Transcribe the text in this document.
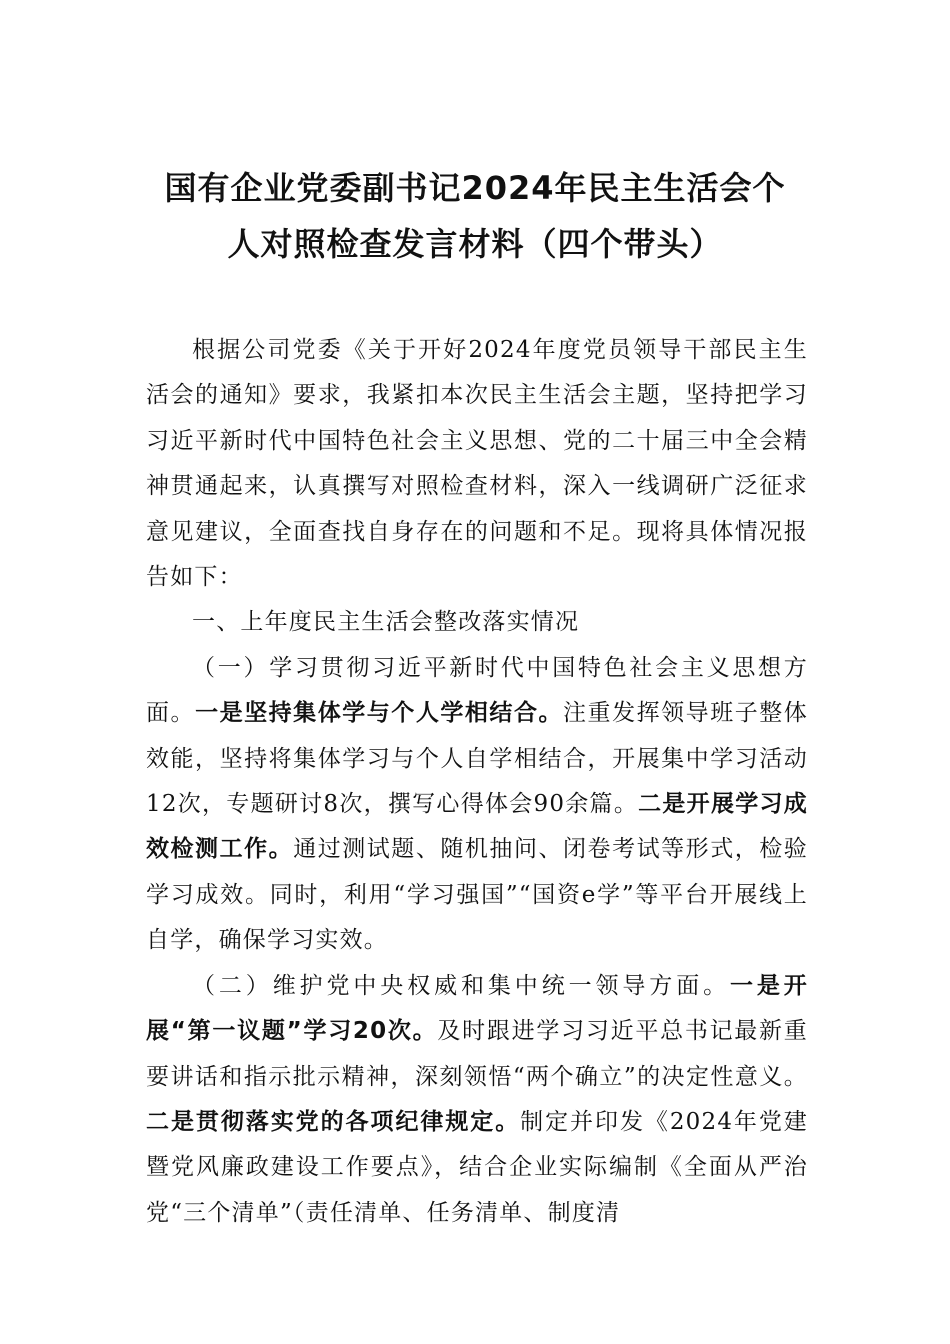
国有企业党委副书记2024年民主生活会个
人对照检查发言材料（四个带头）

根据公司党委《关于开好2024年度党员领导干部民主生活会的通知》要求，我紧扣本次民主生活会主题，坚持把学习习近平新时代中国特色社会主义思想、党的二十届三中全会精神贯通起来，认真撰写对照检查材料，深入一线调研广泛征求意见建议，全面查找自身存在的问题和不足。现将具体情况报告如下：

一、上年度民主生活会整改落实情况

（一）学习贯彻习近平新时代中国特色社会主义思想方面。一是坚持集体学与个人学相结合。注重发挥领导班子整体效能，坚持将集体学习与个人自学相结合，开展集中学习活动12次，专题研讨8次，撰写心得体会90余篇。二是开展学习成效检测工作。通过测试题、随机抽问、闭卷考试等形式，检验学习成效。同时，利用“学习强国”“国资e学”等平台开展线上自学，确保学习实效。

（二）维护党中央权威和集中统一领导方面。一是开展“第一议题”学习20次。及时跟进学习习近平总书记最新重要讲话和指示批示精神，深刻领悟“两个确立”的决定性意义。二是贯彻落实党的各项纪律规定。制定并印发《2024年党建暨党风廉政建设工作要点》，结合企业实际编制《全面从严治党“三个清单”（责任清单、任务清单、制度清
